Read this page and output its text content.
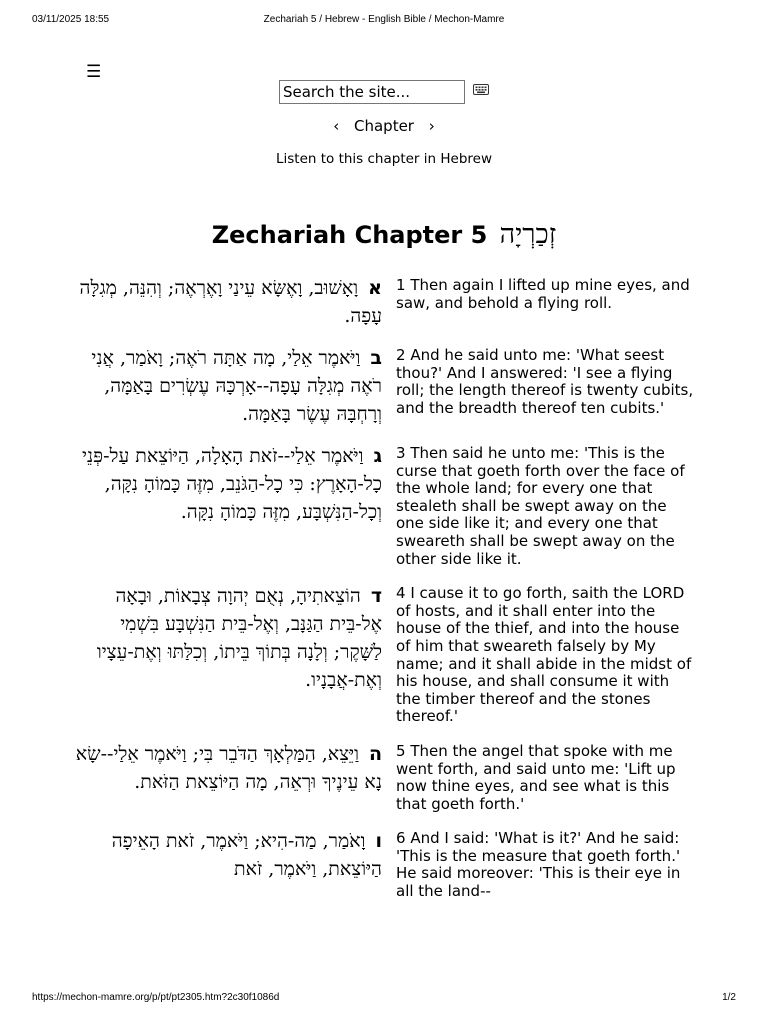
Zechariah 5 / Hebrew - English Bible / Mechon-Mamre
03/11/2025 18:55
☰
Search the site...
‹ Chapter ›
Listen to this chapter in Hebrew
Zechariah Chapter 5 זְכַרְיָה
אוָאָשׁוּב, וָאֶשָּׂא עֵינַי וָאֶרְאֶה; וְהִנֵּה, מְגִלָּה עָפָה.
1 Then again I lifted up mine eyes, and saw, and behold a flying roll.
בוַיֹּאמֶר אֵלַי, מָה אַתָּה רֹאֶה; וָאֹמַר, אֲנִי רֹאֶה מְגִלָּה עָפָה--אָרְכָּהּ עֶשְׂרִים בָּאַמָּה, וְרָחְבָּהּ עֶשֶׂר בָּאַמָּה.
2 And he said unto me: 'What seest thou?' And I answered: 'I see a flying roll; the length thereof is twenty cubits, and the breadth thereof ten cubits.'
גוַיֹּאמֶר אֵלַי--זֹאת הָאָלָה, הַיּוֹצֵאת עַל-פְּנֵי כָל-הָאָרֶץ: כִּי כָל-הַגֹּנֵב, מִזֶּה כָּמוֹהָ נִקָּה, וְכָל-הַנִּשְׁבָּע, מִזֶּה כָּמוֹהָ נִקָּה.
3 Then said he unto me: 'This is the curse that goeth forth over the face of the whole land; for every one that stealeth shall be swept away on the one side like it; and every one that sweareth shall be swept away on the other side like it.
דהוֹצֵאתִיהָ, נְאֻם יְהוָה צְבָאוֹת, וּבָאָה אֶל-בֵּית הַגַּנָּב, וְאֶל-בֵּית הַנִּשְׁבָּע בִּשְׁמִי לַשָּׁקֶר; וְלָנָה בְּתוֹךְ בֵּיתוֹ, וְכִלַּתּוּ וְאֶת-עֵצָיו וְאֶת-אֲבָנָיו.
4 I cause it to go forth, saith the LORD of hosts, and it shall enter into the house of the thief, and into the house of him that sweareth falsely by My name; and it shall abide in the midst of his house, and shall consume it with the timber thereof and the stones thereof.'
הוַיֵּצֵא, הַמַּלְאָךְ הַדֹּבֵר בִּי; וַיֹּאמֶר אֵלַי--שָׂא נָא עֵינֶיךָ וּרְאֵה, מָה הַיּוֹצֵאת הַזֹּאת.
5 Then the angel that spoke with me went forth, and said unto me: 'Lift up now thine eyes, and see what is this that goeth forth.'
ווָאֹמַר, מַה-הִיא; וַיֹּאמֶר, זֹאת הָאֵיפָה הַיּוֹצֵאת, וַיֹּאמֶר, זֹאת
6 And I said: 'What is it?' And he said: 'This is the measure that goeth forth.' He said moreover: 'This is their eye in all the land--
https://mechon-mamre.org/p/pt/pt2305.htm?2c30f1086d	1/2
